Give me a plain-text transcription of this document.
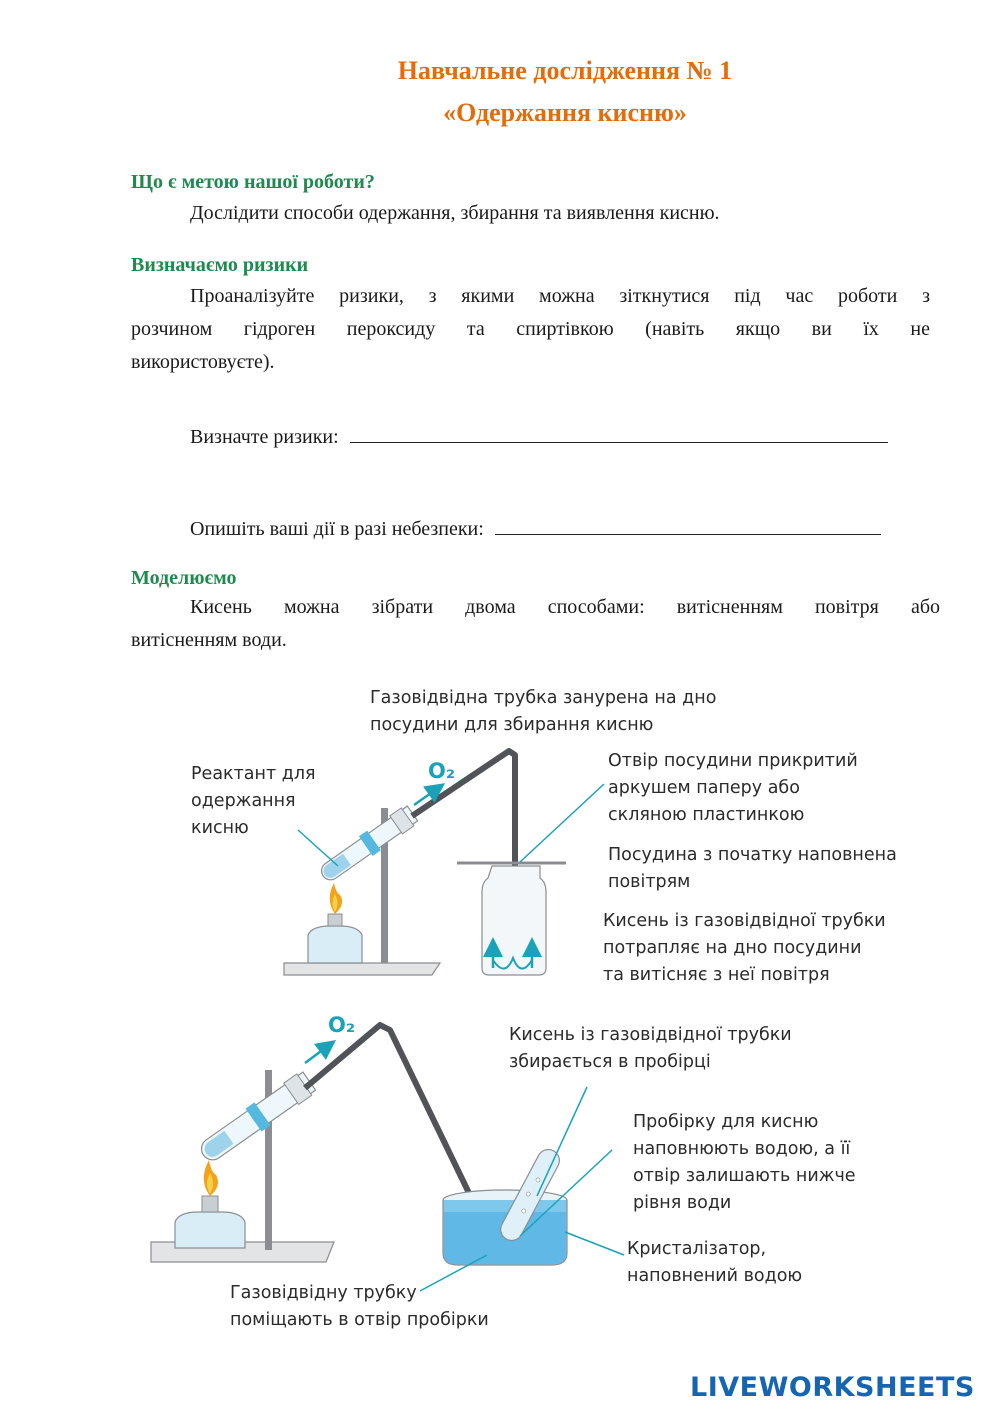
Навчальне дослідження № 1
«Одержання кисню»
Що є метою нашої роботи?
Дослідити способи одержання, збирання та виявлення кисню.
Визначаємо ризики
Проаналізуйте ризики, з якими можна зіткнутися під час роботи з
розчином гідроген пероксиду та спиртівкою (навіть якщо ви їх не
використовуєте).
Визначте ризики:
Опишіть ваші дії в разі небезпеки:
Моделюємо
Кисень можна зібрати двома способами: витісненням повітря або
витісненням води.
O₂
O₂
Газовідвідна трубка занурена на дно
посудини для збирання кисню
Реактант для
одержання
кисню
Отвір посудини прикритий
аркушем паперу або
скляною пластинкою
Посудина з початку наповнена
повітрям
Кисень із газовідвідної трубки
потрапляє на дно посудини
та витісняє з неї повітря
Кисень із газовідвідної трубки
збирається в пробірці
Пробірку для кисню
наповнюють водою, а її
отвір залишають нижче
рівня води
Кристалізатор,
наповнений водою
Газовідвідну трубку
поміщають в отвір пробірки
LIVEWORKSHEETS
